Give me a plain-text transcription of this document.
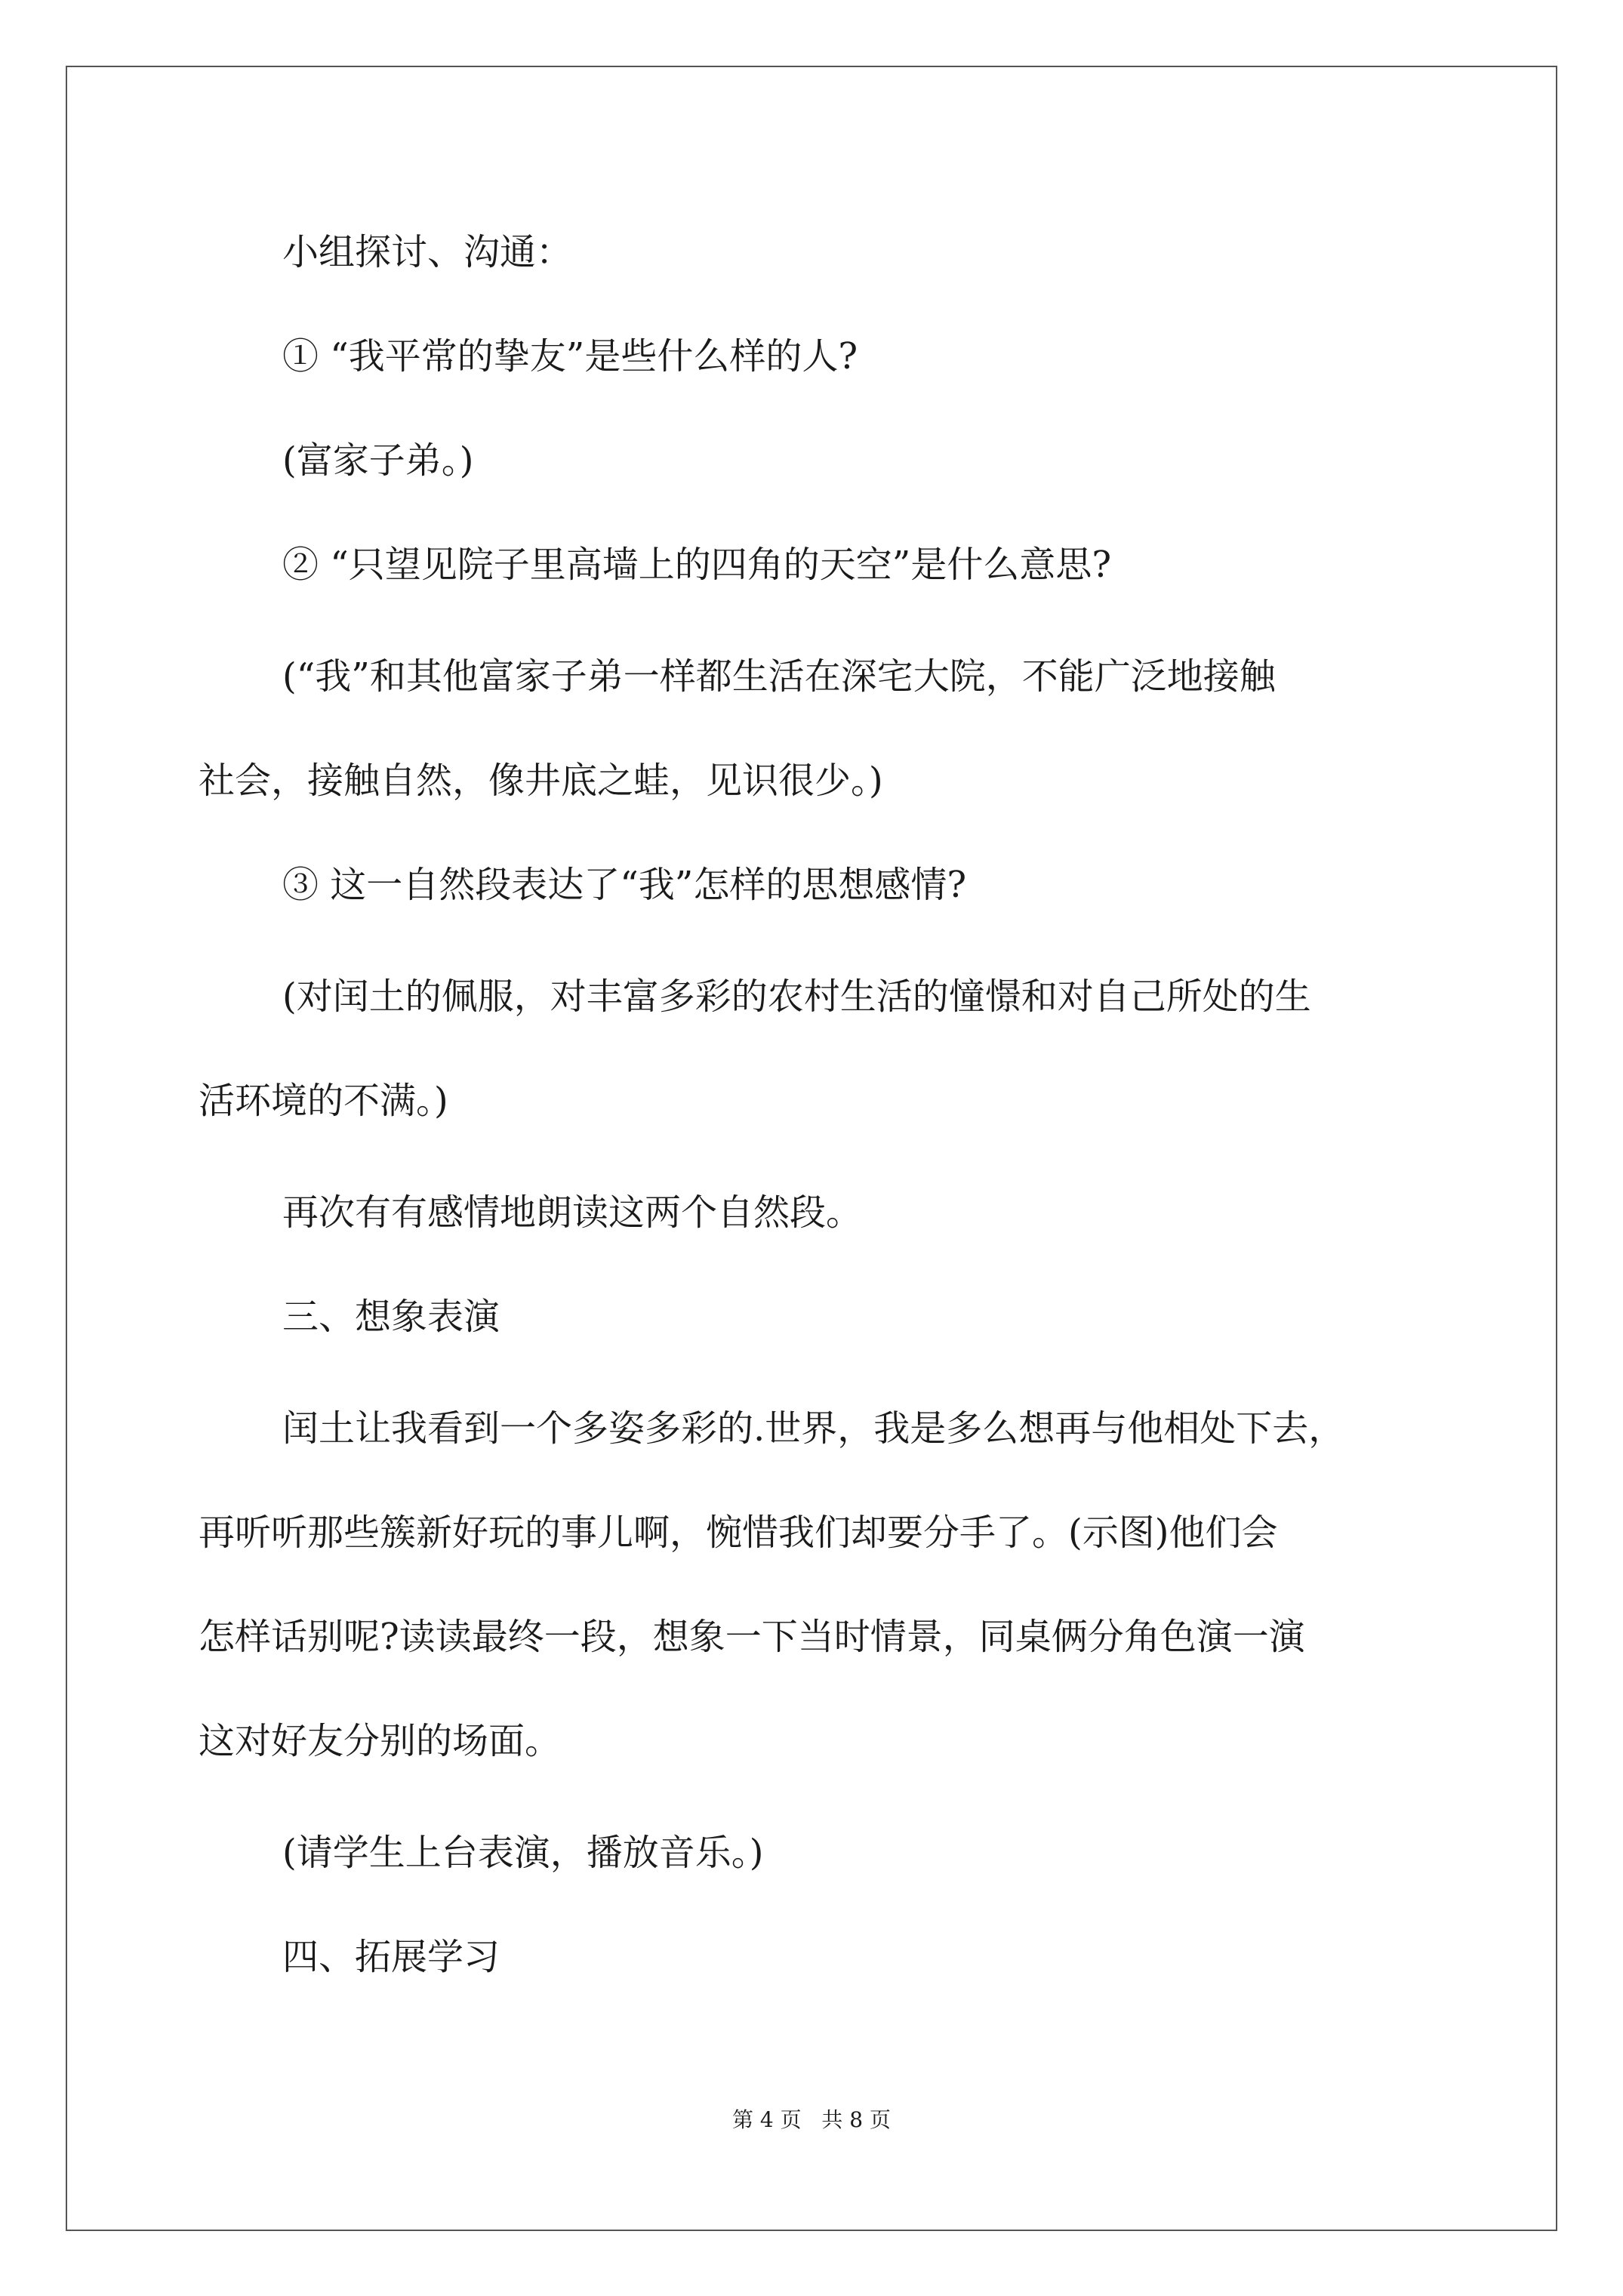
小组探讨、沟通：

① “我平常的挚友”是些什么样的人?

(富家子弟。)

② “只望见院子里高墙上的四角的天空”是什么意思?

(“我”和其他富家子弟一样都生活在深宅大院，不能广泛地接触

社会，接触自然，像井底之蛙，见识很少。)

③ 这一自然段表达了“我”怎样的思想感情?

(对闰土的佩服，对丰富多彩的农村生活的憧憬和对自己所处的生

活环境的不满。)

再次有有感情地朗读这两个自然段。

三、想象表演

闰土让我看到一个多姿多彩的.世界，我是多么想再与他相处下去，

再听听那些簇新好玩的事儿啊，惋惜我们却要分手了。(示图)他们会

怎样话别呢?读读最终一段，想象一下当时情景，同桌俩分角色演一演

这对好友分别的场面。

(请学生上台表演，播放音乐。)

四、拓展学习

第 4 页   共 8 页
